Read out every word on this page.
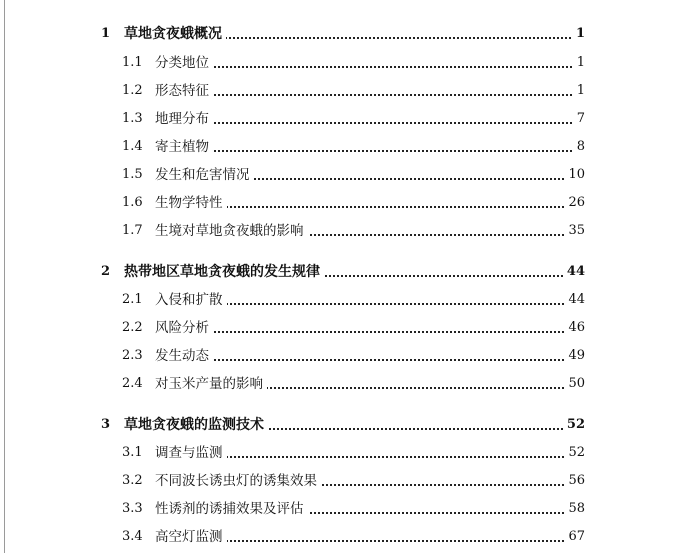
1 草地贪夜蛾概况	1
1.1 分类地位	1
1.2 形态特征	1
1.3 地理分布	7
1.4 寄主植物	8
1.5 发生和危害情况	10
1.6 生物学特性	26
1.7 生境对草地贪夜蛾的影响	35
2 热带地区草地贪夜蛾的发生规律	44
2.1 入侵和扩散	44
2.2 风险分析	46
2.3 发生动态	49
2.4 对玉米产量的影响	50
3 草地贪夜蛾的监测技术	52
3.1 调查与监测	52
3.2 不同波长诱虫灯的诱集效果	56
3.3 性诱剂的诱捕效果及评估	58
3.4 高空灯监测	67
